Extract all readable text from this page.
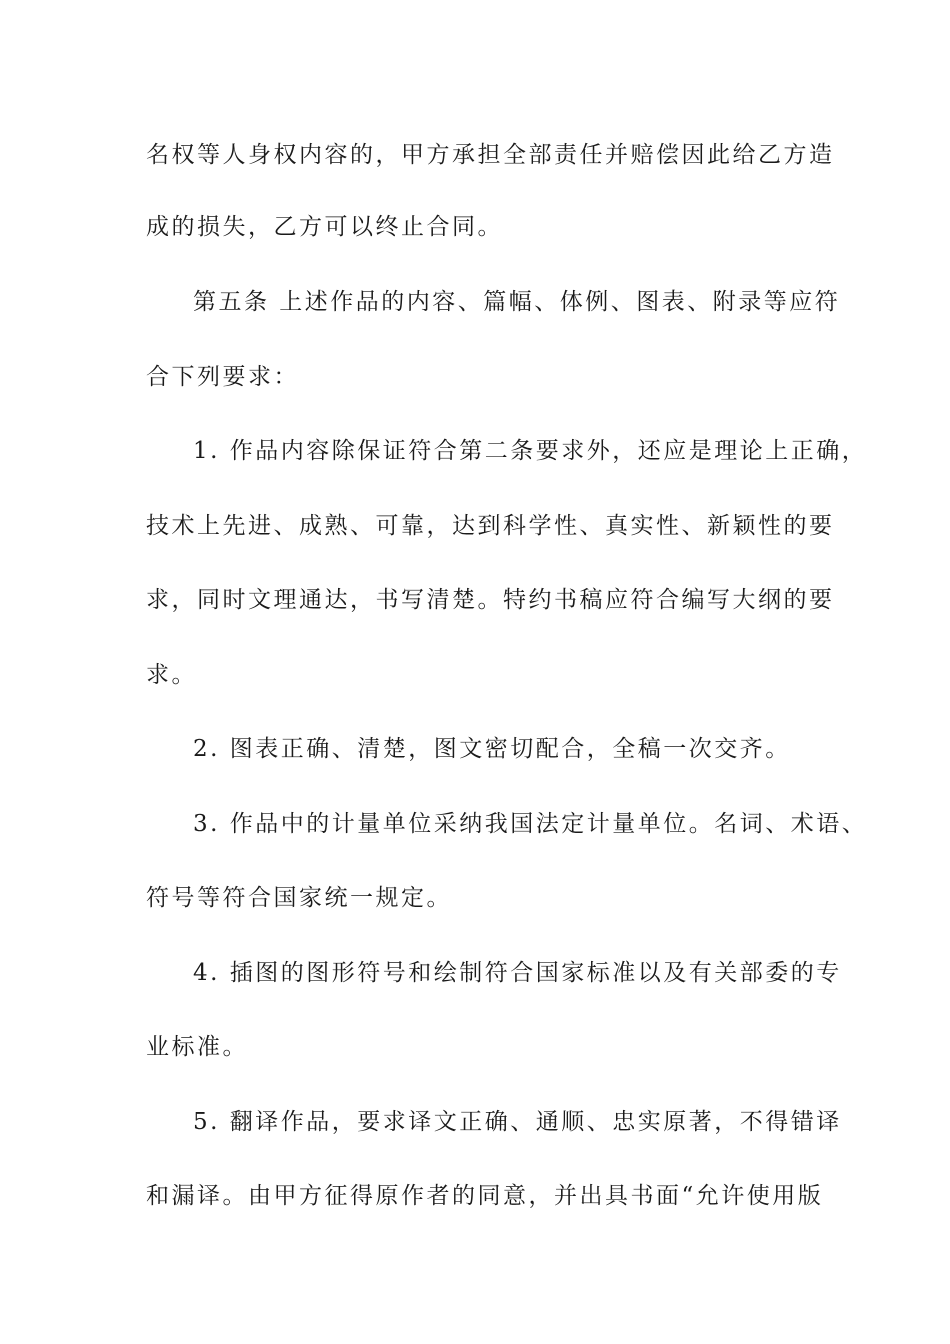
名权等人身权内容的，甲方承担全部责任并赔偿因此给乙方造
成的损失，乙方可以终止合同。
第五条 上述作品的内容、篇幅、体例、图表、附录等应符
合下列要求：
1. 作品内容除保证符合第二条要求外，还应是理论上正确，
技术上先进、成熟、可靠，达到科学性、真实性、新颖性的要
求，同时文理通达，书写清楚。特约书稿应符合编写大纲的要
求。
2. 图表正确、清楚，图文密切配合，全稿一次交齐。
3. 作品中的计量单位采纳我国法定计量单位。名词、术语、
符号等符合国家统一规定。
4. 插图的图形符号和绘制符合国家标准以及有关部委的专
业标准。
5. 翻译作品，要求译文正确、通顺、忠实原著，不得错译
和漏译。由甲方征得原作者的同意，并出具书面“允许使用版
